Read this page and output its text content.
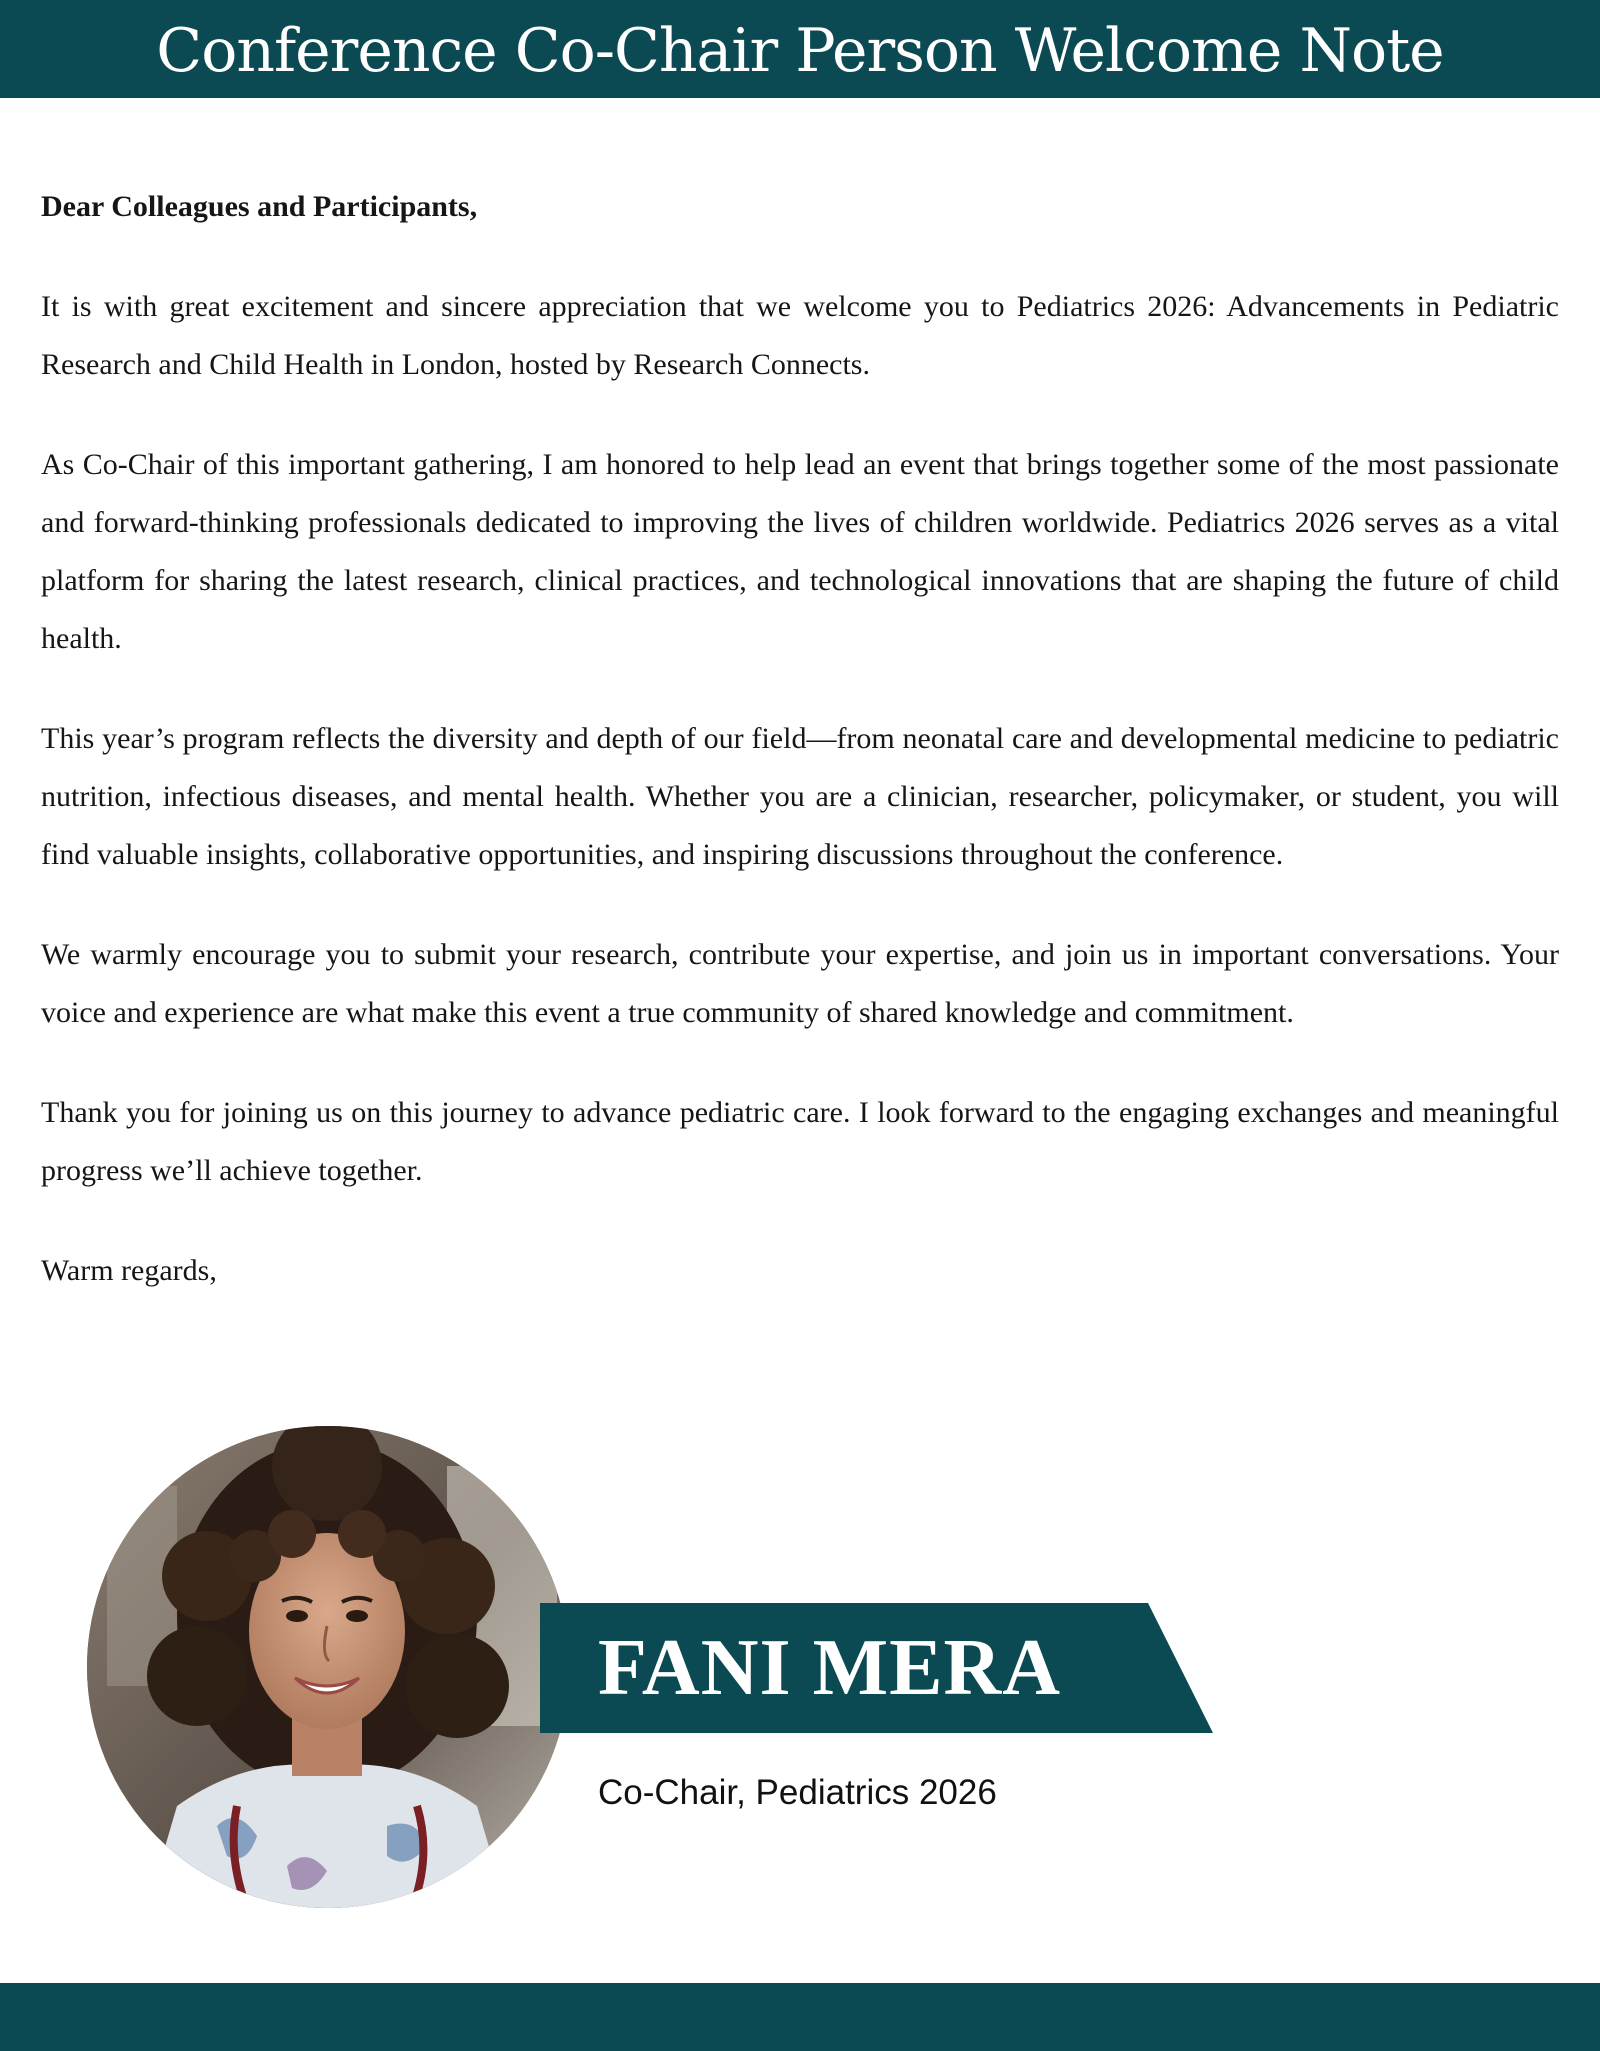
Conference Co-Chair Person Welcome Note

Dear Colleagues and Participants,

It is with great excitement and sincere appreciation that we welcome you to Pediatrics 2026: Advancements in Pediatric Research and Child Health in London, hosted by Research Connects.

As Co-Chair of this important gathering, I am honored to help lead an event that brings together some of the most passionate and forward-thinking professionals dedicated to improving the lives of children worldwide. Pediatrics 2026 serves as a vital platform for sharing the latest research, clinical practices, and technological innovations that are shaping the future of child health.

This year’s program reflects the diversity and depth of our field—from neonatal care and developmental medicine to pediatric nutrition, infectious diseases, and mental health. Whether you are a clinician, researcher, policymaker, or student, you will find valuable insights, collaborative opportunities, and inspiring discussions throughout the conference.

We warmly encourage you to submit your research, contribute your expertise, and join us in important conversations. Your voice and experience are what make this event a true community of shared knowledge and commitment.

Thank you for joining us on this journey to advance pediatric care. I look forward to the engaging exchanges and meaningful progress we’ll achieve together.

Warm regards,

FANI MERA
Co-Chair, Pediatrics 2026
